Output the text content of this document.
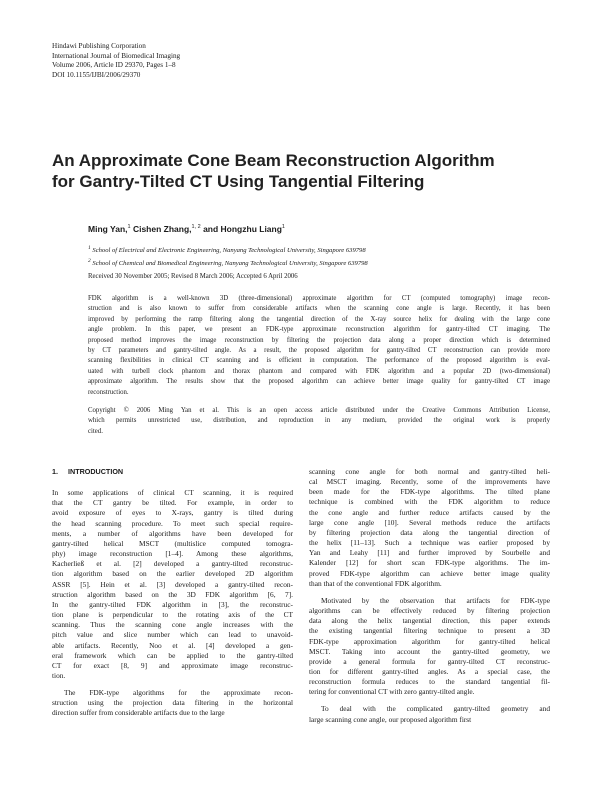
Hindawi Publishing Corporation
International Journal of Biomedical Imaging
Volume 2006, Article ID 29370, Pages 1–8
DOI 10.1155/IJBI/2006/29370
An Approximate Cone Beam Reconstruction Algorithm
for Gantry-Tilted CT Using Tangential Filtering
Ming Yan,$^1$ Cishen Zhang,$^{1, 2}$ and Hongzhu Liang$^1$
$^1$ School of Electrical and Electronic Engineering, Nanyang Technological University, Singapore 639798
$^2$ School of Chemical and Biomedical Engineering, Nanyang Technological University, Singapore 639798
Received 30 November 2005; Revised 8 March 2006; Accepted 6 April 2006
FDK algorithm is a well-known 3D (three-dimensional) approximate algorithm for CT (computed tomography) image recon-
struction and is also known to suffer from considerable artifacts when the scanning cone angle is large. Recently, it has been
improved by performing the ramp filtering along the tangential direction of the X-ray source helix for dealing with the large cone
angle problem. In this paper, we present an FDK-type approximate reconstruction algorithm for gantry-tilted CT imaging. The
proposed method improves the image reconstruction by filtering the projection data along a proper direction which is determined
by CT parameters and gantry-tilted angle. As a result, the proposed algorithm for gantry-tilted CT reconstruction can provide more
scanning flexibilities in clinical CT scanning and is efficient in computation. The performance of the proposed algorithm is eval-
uated with turbell clock phantom and thorax phantom and compared with FDK algorithm and a popular 2D (two-dimensional)
approximate algorithm. The results show that the proposed algorithm can achieve better image quality for gantry-tilted CT image
reconstruction.
Copyright © 2006 Ming Yan et al. This is an open access article distributed under the Creative Commons Attribution License,
which permits unrestricted use, distribution, and reproduction in any medium, provided the original work is properly
cited.
1. INTRODUCTION
In some applications of clinical CT scanning, it is required
that the CT gantry be tilted. For example, in order to
avoid exposure of eyes to X-rays, gantry is tilted during
the head scanning procedure. To meet such special require-
ments, a number of algorithms have been developed for
gantry-tilted helical MSCT (multislice computed tomogra-
phy) image reconstruction [1–4]. Among these algorithms,
Kacherließ et al. [2] developed a gantry-tilted reconstruc-
tion algorithm based on the earlier developed 2D algorithm
ASSR [5]. Hein et al. [3] developed a gantry-tilted recon-
struction algorithm based on the 3D FDK algorithm [6, 7].
In the gantry-tilted FDK algorithm in [3], the reconstruc-
tion plane is perpendicular to the rotating axis of the CT
scanning. Thus the scanning cone angle increases with the
pitch value and slice number which can lead to unavoid-
able artifacts. Recently, Noo et al. [4] developed a gen-
eral framework which can be applied to the gantry-tilted
CT for exact [8, 9] and approximate image reconstruc-
tion.
The FDK-type algorithms for the approximate recon-
struction using the projection data filtering in the horizontal
direction suffer from considerable artifacts due to the large
scanning cone angle for both normal and gantry-tilted heli-
cal MSCT imaging. Recently, some of the improvements have
been made for the FDK-type algorithms. The tilted plane
technique is combined with the FDK algorithm to reduce
the cone angle and further reduce artifacts caused by the
large cone angle [10]. Several methods reduce the artifacts
by filtering projection data along the tangential direction of
the helix [11–13]. Such a technique was earlier proposed by
Yan and Leahy [11] and further improved by Sourbelle and
Kalender [12] for short scan FDK-type algorithms. The im-
proved FDK-type algorithm can achieve better image quality
than that of the conventional FDK algorithm.
Motivated by the observation that artifacts for FDK-type
algorithms can be effectively reduced by filtering projection
data along the helix tangential direction, this paper extends
the existing tangential filtering technique to present a 3D
FDK-type approximation algorithm for gantry-tilted helical
MSCT. Taking into account the gantry-tilted geometry, we
provide a general formula for gantry-tilted CT reconstruc-
tion for different gantry-tilted angles. As a special case, the
reconstruction formula reduces to the standard tangential fil-
tering for conventional CT with zero gantry-tilted angle.
To deal with the complicated gantry-tilted geometry and
large scanning cone angle, our proposed algorithm first
